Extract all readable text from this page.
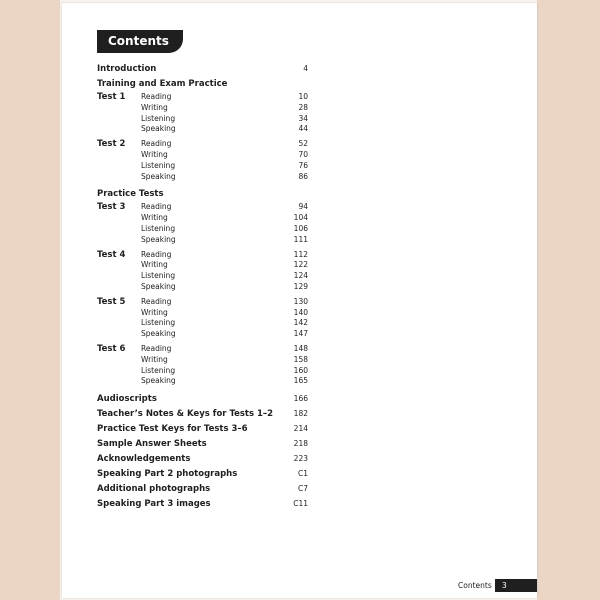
Contents
Introduction	4
Training and Exam Practice
Test 1	Reading	10
Writing	28
Listening	34
Speaking	44
Test 2	Reading	52
Writing	70
Listening	76
Speaking	86
Practice Tests
Test 3	Reading	94
Writing	104
Listening	106
Speaking	111
Test 4	Reading	112
Writing	122
Listening	124
Speaking	129
Test 5	Reading	130
Writing	140
Listening	142
Speaking	147
Test 6	Reading	148
Writing	158
Listening	160
Speaking	165
Audioscripts	166
Teacher’s Notes & Keys for Tests 1–2	182
Practice Test Keys for Tests 3–6	214
Sample Answer Sheets	218
Acknowledgements	223
Speaking Part 2 photographs	C1
Additional photographs	C7
Speaking Part 3 images	C11
Contents	3
